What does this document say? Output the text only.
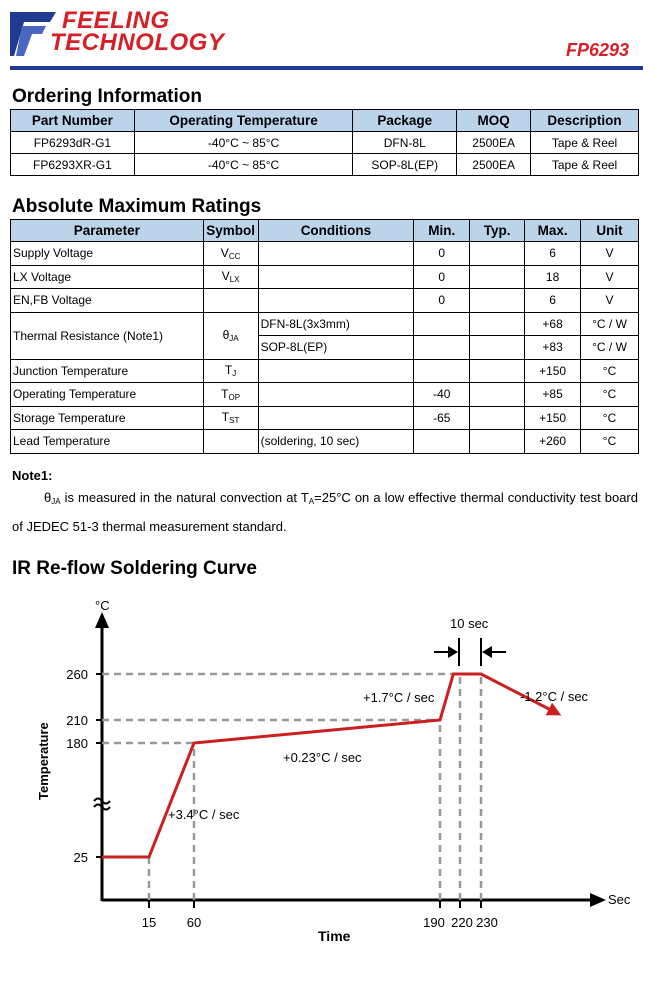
FEELING
TECHNOLOGY	FP6293
Ordering Information
Part Number	Operating Temperature	Package	MOQ	Description
FP6293dR-G1	-40°C ~ 85°C	DFN-8L	2500EA	Tape & Reel
FP6293XR-G1	-40°C ~ 85°C	SOP-8L(EP)	2500EA	Tape & Reel
Absolute Maximum Ratings
Parameter	Symbol	Conditions	Min.	Typ.	Max.	Unit
Supply Voltage	$V_{CC}$		0		6	V
LX Voltage	$V_{LX}$		0		18	V
EN,FB Voltage			0		6	V
Thermal Resistance (Note1)	$\theta_{JA}$	DFN-8L(3x3mm)			+68	°C / W
		SOP-8L(EP)			+83	°C / W
Junction Temperature	$T_J$				+150	°C
Operating Temperature	$T_{OP}$		-40		+85	°C
Storage Temperature	$T_{ST}$		-65		+150	°C
Lead Temperature		(soldering, 10 sec)			+260	°C

Note1:

$\theta_{JA}$ is measured in the natural convection at $T_A=25^\circ C$ on a low effective thermal conductivity test board of JEDEC 51-3 thermal measurement standard.

IR Re-flow Soldering Curve
25
180
210
260
15 60	190 220 230
+3.4°C / sec
+0.23°C / sec
+1.7°C / sec	-1.2°C / sec
10 sec
°C
Sec
Time
Temperature
